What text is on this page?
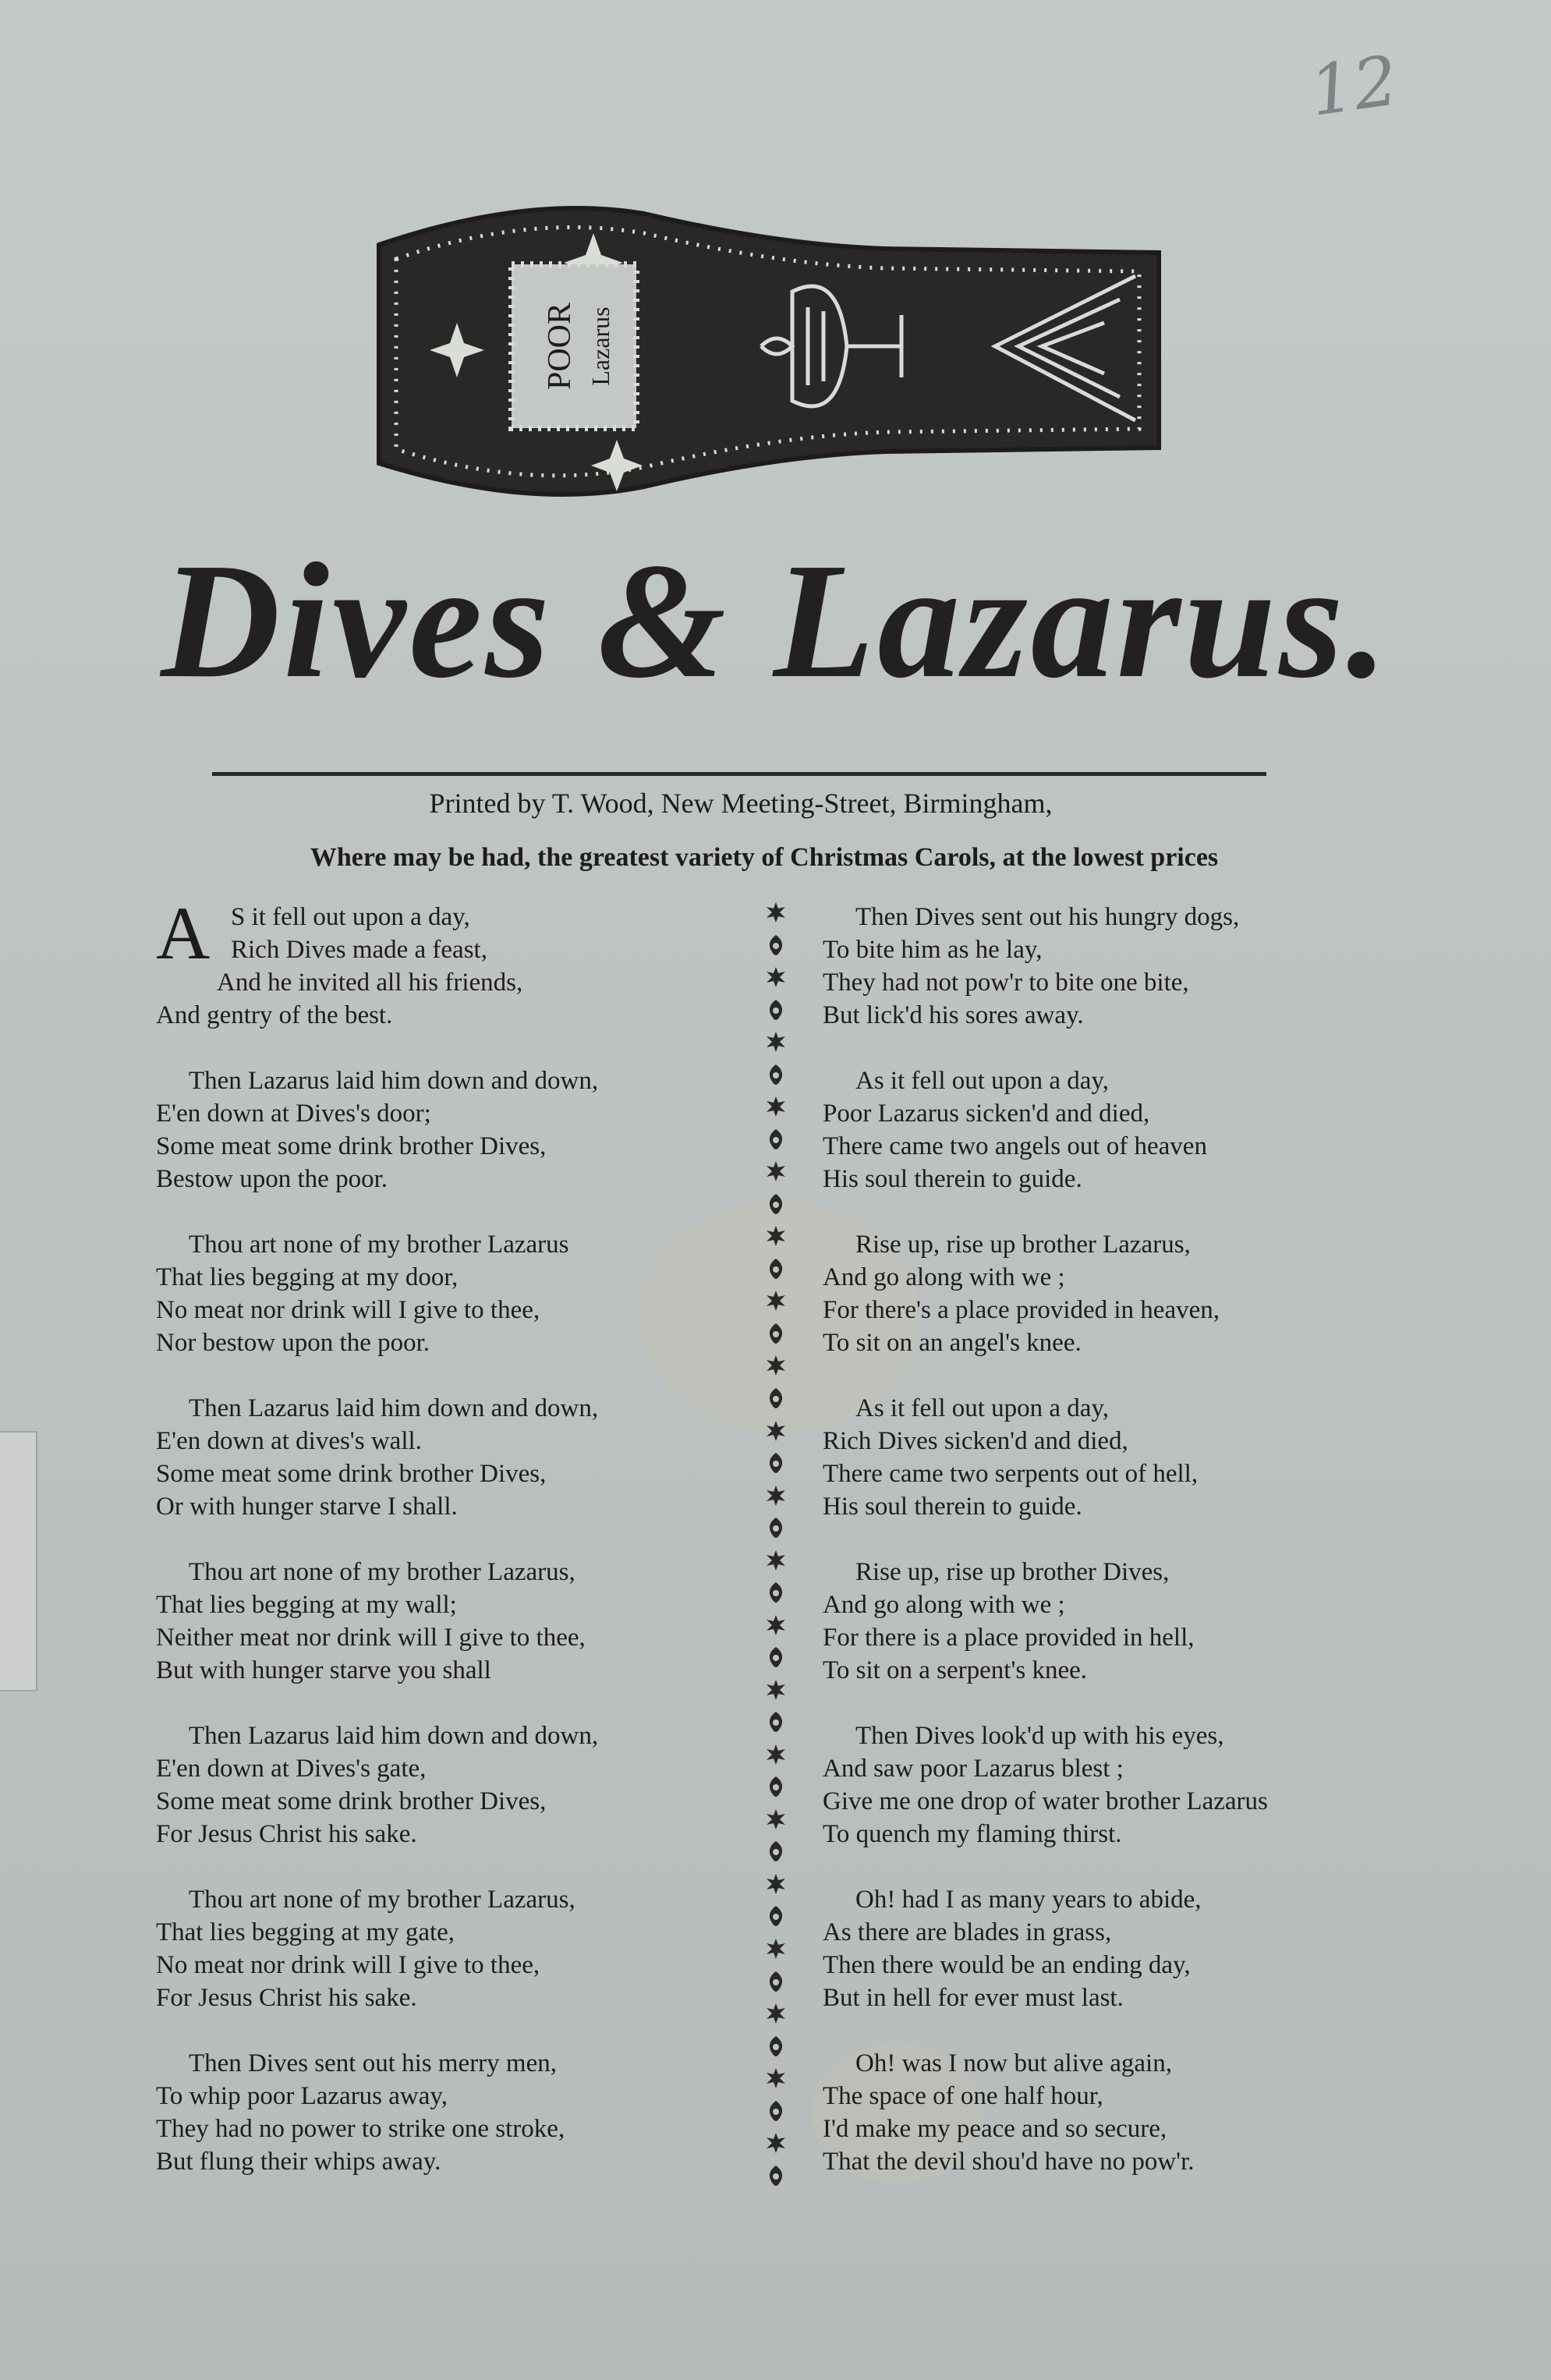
12
POOR Lazarus
Dives & Lazarus.
Printed by T. Wood, New Meeting-Street, Birmingham,
Where may be had, the greatest variety of Christmas Carols, at the lowest prices
A S it fell out upon a day,
Rich Dives made a feast,
And he invited all his friends,
And gentry of the best.
Then Lazarus laid him down and down,
E'en down at Dives's door;
Some meat some drink brother Dives,
Bestow upon the poor.
Thou art none of my brother Lazarus
That lies begging at my door,
No meat nor drink will I give to thee,
Nor bestow upon the poor.
Then Lazarus laid him down and down,
E'en down at dives's wall.
Some meat some drink brother Dives,
Or with hunger starve I shall.
Thou art none of my brother Lazarus,
That lies begging at my wall;
Neither meat nor drink will I give to thee,
But with hunger starve you shall
Then Lazarus laid him down and down,
E'en down at Dives's gate,
Some meat some drink brother Dives,
For Jesus Christ his sake.
Thou art none of my brother Lazarus,
That lies begging at my gate,
No meat nor drink will I give to thee,
For Jesus Christ his sake.
Then Dives sent out his merry men,
To whip poor Lazarus away,
They had no power to strike one stroke,
But flung their whips away.
Then Dives sent out his hungry dogs,
To bite him as he lay,
They had not pow'r to bite one bite,
But lick'd his sores away.
As it fell out upon a day,
Poor Lazarus sicken'd and died,
There came two angels out of heaven
His soul therein to guide.
Rise up, rise up brother Lazarus,
And go along with we ;
For there's a place provided in heaven,
To sit on an angel's knee.
As it fell out upon a day,
Rich Dives sicken'd and died,
There came two serpents out of hell,
His soul therein to guide.
Rise up, rise up brother Dives,
And go along with we ;
For there is a place provided in hell,
To sit on a serpent's knee.
Then Dives look'd up with his eyes,
And saw poor Lazarus blest ;
Give me one drop of water brother Lazarus
To quench my flaming thirst.
Oh! had I as many years to abide,
As there are blades in grass,
Then there would be an ending day,
But in hell for ever must last.
Oh! was I now but alive again,
The space of one half hour,
I'd make my peace and so secure,
That the devil shou'd have no pow'r.
